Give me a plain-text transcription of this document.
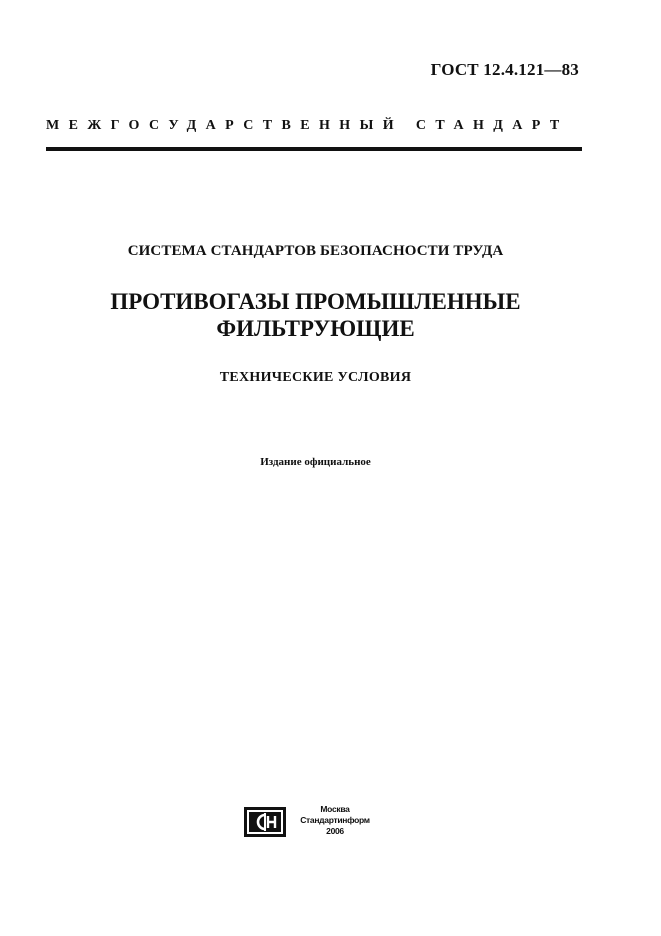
ГОСТ 12.4.121—83
МЕЖГОСУДАРСТВЕННЫЙ СТАНДАРТ
СИСТЕМА СТАНДАРТОВ БЕЗОПАСНОСТИ ТРУДА
ПРОТИВОГАЗЫ ПРОМЫШЛЕННЫЕ
ФИЛЬТРУЮЩИЕ
ТЕХНИЧЕСКИЕ УСЛОВИЯ
Издание официальное
Москва
Стандартинформ
2006
